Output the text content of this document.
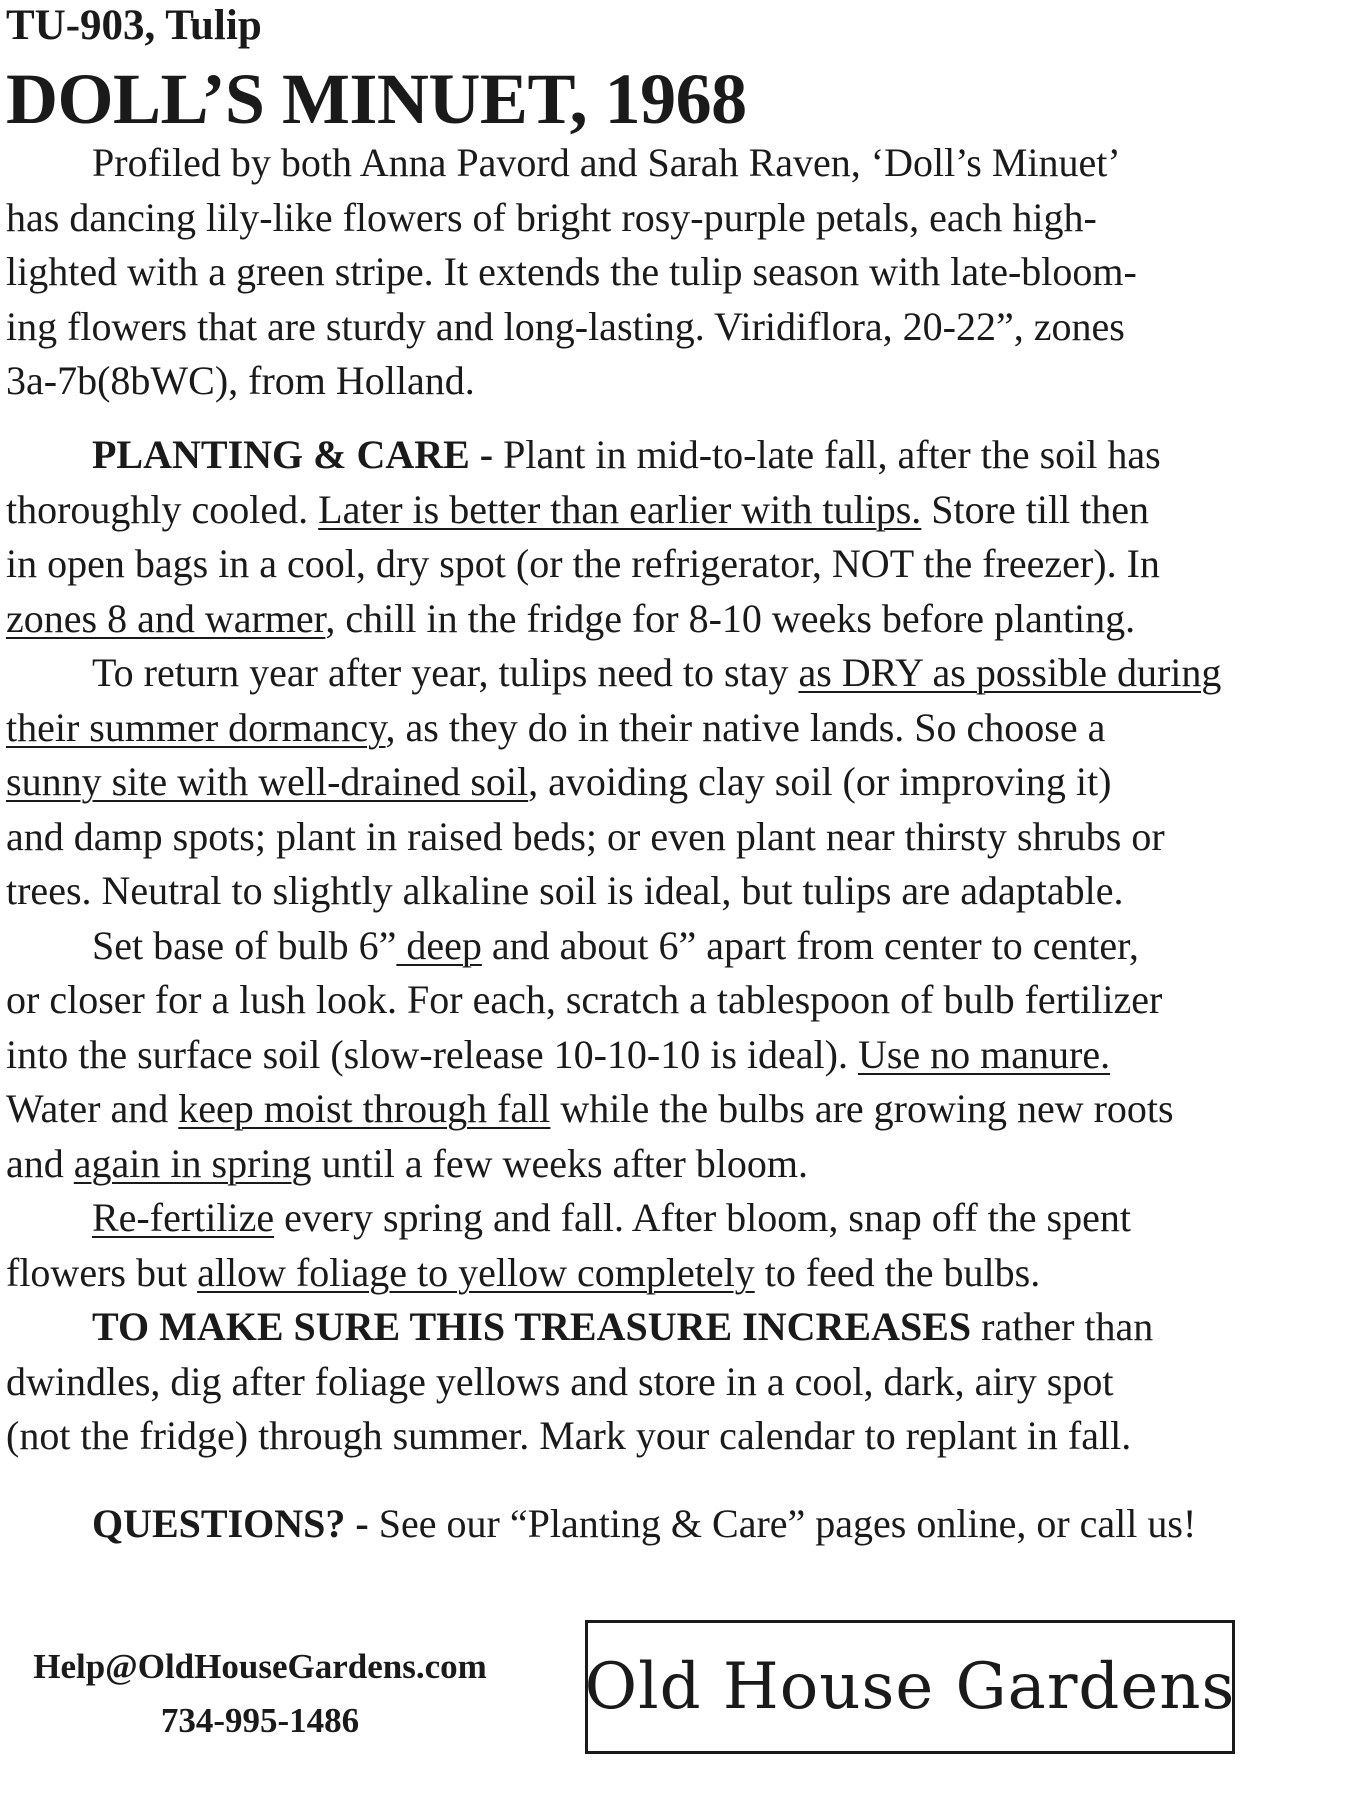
TU-903, Tulip
DOLL’S MINUET, 1968
Profiled by both Anna Pavord and Sarah Raven, ‘Doll’s Minuet’
has dancing lily-like flowers of bright rosy-purple petals, each high-
lighted with a green stripe. It extends the tulip season with late-bloom-
ing flowers that are sturdy and long-lasting. Viridiflora, 20-22”, zones
3a-7b(8bWC), from Holland.
PLANTING & CARE - Plant in mid-to-late fall, after the soil has
thoroughly cooled. Later is better than earlier with tulips. Store till then
in open bags in a cool, dry spot (or the refrigerator, NOT the freezer). In
zones 8 and warmer, chill in the fridge for 8-10 weeks before planting.
To return year after year, tulips need to stay as DRY as possible during
their summer dormancy, as they do in their native lands. So choose a
sunny site with well-drained soil, avoiding clay soil (or improving it)
and damp spots; plant in raised beds; or even plant near thirsty shrubs or
trees. Neutral to slightly alkaline soil is ideal, but tulips are adaptable.
Set base of bulb 6” deep and about 6” apart from center to center,
or closer for a lush look. For each, scratch a tablespoon of bulb fertilizer
into the surface soil (slow-release 10-10-10 is ideal). Use no manure.
Water and keep moist through fall while the bulbs are growing new roots
and again in spring until a few weeks after bloom.
Re-fertilize every spring and fall. After bloom, snap off the spent
flowers but allow foliage to yellow completely to feed the bulbs.
TO MAKE SURE THIS TREASURE INCREASES rather than
dwindles, dig after foliage yellows and store in a cool, dark, airy spot
(not the fridge) through summer. Mark your calendar to replant in fall.
QUESTIONS? - See our “Planting & Care” pages online, or call us!
Help@OldHouseGardens.com
734-995-1486	Old House Gardens
